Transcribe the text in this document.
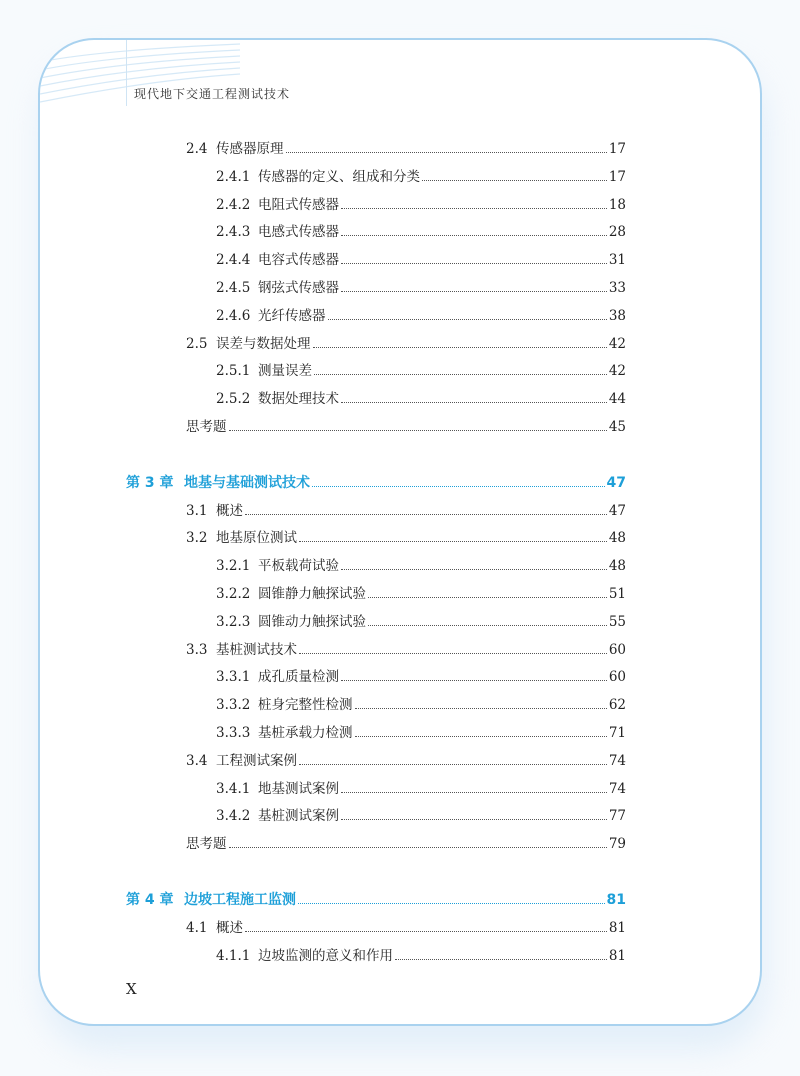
现代地下交通工程测试技术
2.4 传感器原理	17
2.4.1 传感器的定义、组成和分类	17
2.4.2 电阻式传感器	18
2.4.3 电感式传感器	28
2.4.4 电容式传感器	31
2.4.5 钢弦式传感器	33
2.4.6 光纤传感器	38
2.5 误差与数据处理	42
2.5.1 测量误差	42
2.5.2 数据处理技术	44
思考题	45
第 3 章 地基与基础测试技术	47
3.1 概述	47
3.2 地基原位测试	48
3.2.1 平板载荷试验	48
3.2.2 圆锥静力触探试验	51
3.2.3 圆锥动力触探试验	55
3.3 基桩测试技术	60
3.3.1 成孔质量检测	60
3.3.2 桩身完整性检测	62
3.3.3 基桩承载力检测	71
3.4 工程测试案例	74
3.4.1 地基测试案例	74
3.4.2 基桩测试案例	77
思考题	79
第 4 章 边坡工程施工监测	81
4.1 概述	81
4.1.1 边坡监测的意义和作用	81
X
